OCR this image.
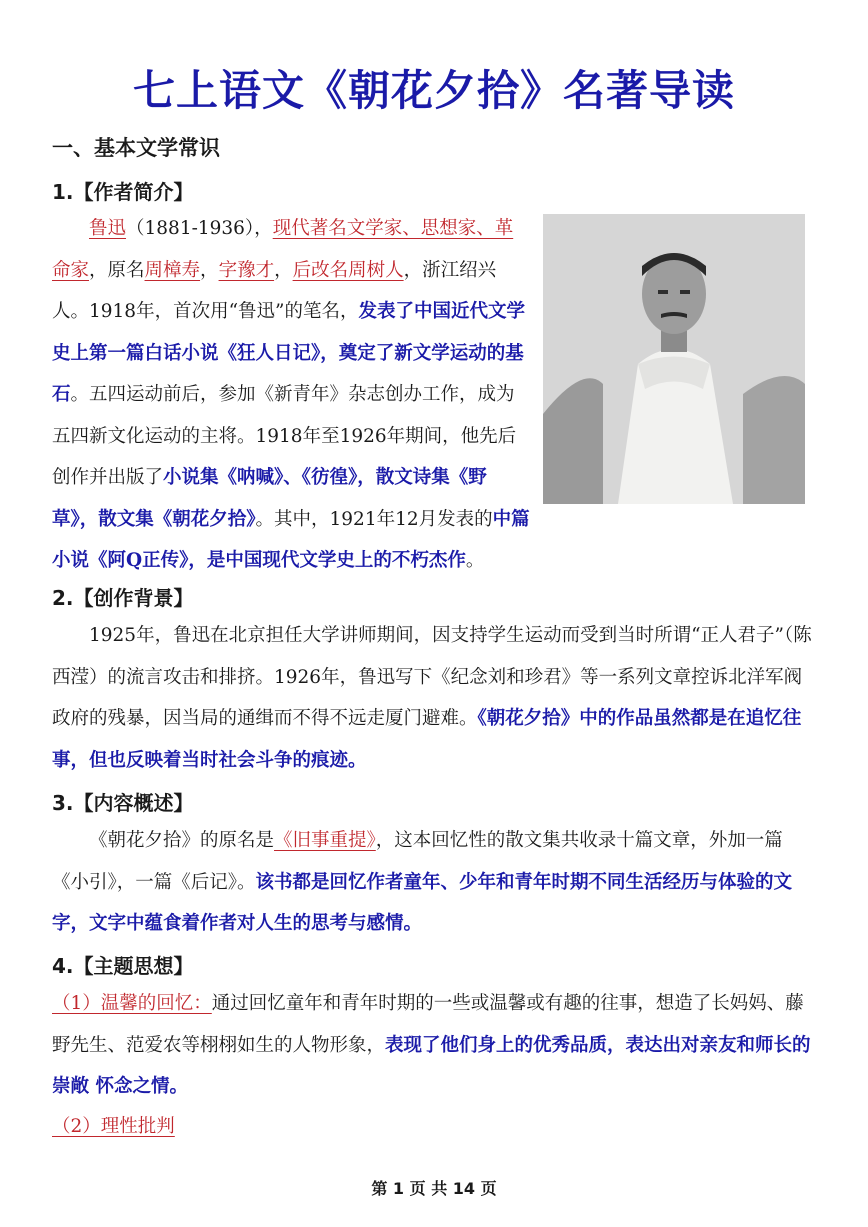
七上语文《朝花夕拾》名著导读
一、基本文学常识
1.【作者简介】
鲁迅（1881-1936），现代著名文学家、思想家、革命家，原名周樟寿，字豫才，后改名周树人，浙江绍兴人。1918年，首次用“鲁迅”的笔名，发表了中国近代文学史上第一篇白话小说《狂人日记》，奠定了新文学运动的基石。五四运动前后，参加《新青年》杂志创办工作，成为五四新文化运动的主将。1918年至1926年期间，他先后创作并出版了小说集《呐喊》、《彷徨》，散文诗集《野草》，散文集《朝花夕拾》。其中，1921年12月发表的中篇小说《阿Q正传》，是中国现代文学史上的不朽杰作。
2.【创作背景】
1925年，鲁迅在北京担任大学讲师期间，因支持学生运动而受到当时所谓“正人君子”（陈西滢）的流言攻击和排挤。1926年，鲁迅写下《纪念刘和珍君》等一系列文章控诉北洋军阀政府的残暴，因当局的通缉而不得不远走厦门避难。《朝花夕拾》中的作品虽然都是在追忆往事，但也反映着当时社会斗争的痕迹。
3.【内容概述】
《朝花夕拾》的原名是《旧事重提》，这本回忆性的散文集共收录十篇文章，外加一篇《小引》，一篇《后记》。该书都是回忆作者童年、少年和青年时期不同生活经历与体验的文字，文字中蕴食着作者对人生的思考与感情。
4.【主题思想】
（1）温馨的回忆：通过回忆童年和青年时期的一些或温馨或有趣的往事，想造了长妈妈、藤野先生、范爱农等栩栩如生的人物形象，表现了他们身上的优秀品质，表达出对亲友和师长的崇敞 怀念之情。
（2）理性批判
第 1 页 共 14 页
